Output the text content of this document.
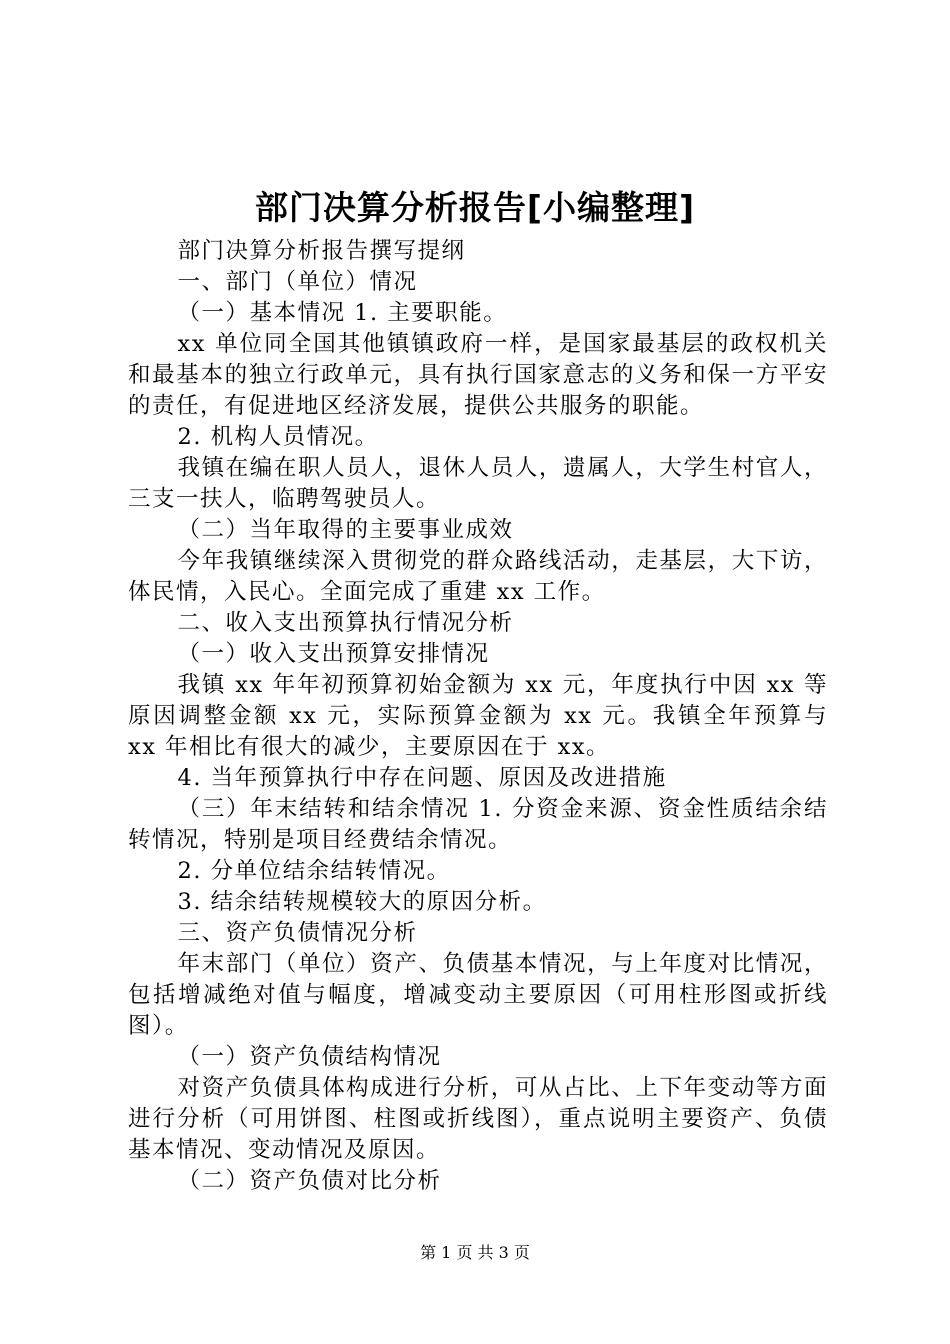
部门决算分析报告[小编整理]

部门决算分析报告撰写提纲

一、部门（单位）情况

（一）基本情况 1. 主要职能。

xx 单位同全国其他镇镇政府一样，是国家最基层的政权机关和最基本的独立行政单元，具有执行国家意志的义务和保一方平安的责任，有促进地区经济发展，提供公共服务的职能。

2. 机构人员情况。

我镇在编在职人员人，退休人员人，遗属人，大学生村官人，三支一扶人，临聘驾驶员人。

（二）当年取得的主要事业成效

今年我镇继续深入贯彻党的群众路线活动，走基层，大下访，体民情，入民心。全面完成了重建 xx 工作。

二、收入支出预算执行情况分析

（一）收入支出预算安排情况

我镇 xx 年年初预算初始金额为 xx 元，年度执行中因 xx 等原因调整金额 xx 元，实际预算金额为 xx 元。我镇全年预算与 xx 年相比有很大的减少，主要原因在于 xx。

4. 当年预算执行中存在问题、原因及改进措施

（三）年末结转和结余情况 1. 分资金来源、资金性质结余结转情况，特别是项目经费结余情况。

2. 分单位结余结转情况。

3. 结余结转规模较大的原因分析。

三、资产负债情况分析

年末部门（单位）资产、负债基本情况，与上年度对比情况，包括增减绝对值与幅度，增减变动主要原因（可用柱形图或折线图）。

（一）资产负债结构情况

对资产负债具体构成进行分析，可从占比、上下年变动等方面进行分析（可用饼图、柱图或折线图），重点说明主要资产、负债基本情况、变动情况及原因。

（二）资产负债对比分析

第 1 页 共 3 页
